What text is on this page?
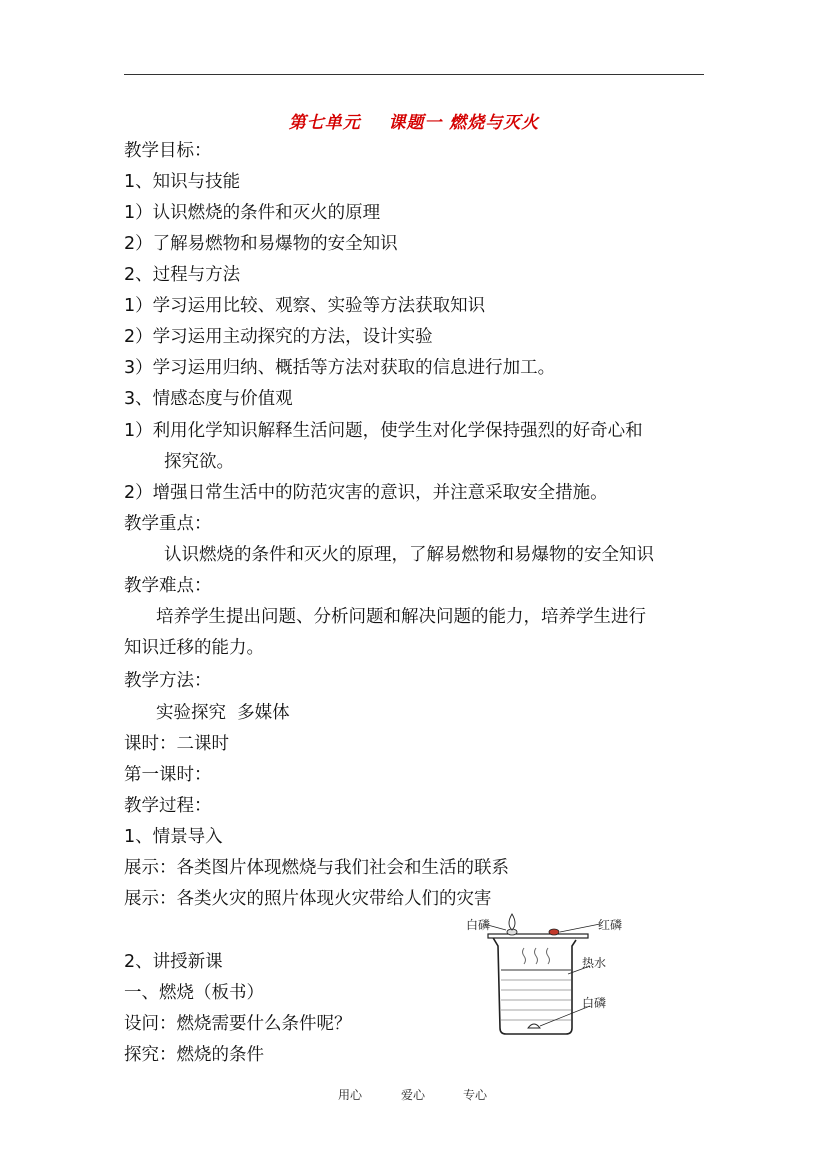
第七单元    课题一 燃烧与灭火
教学目标：
1、知识与技能
1）认识燃烧的条件和灭火的原理
2）了解易燃物和易爆物的安全知识
2、过程与方法
1）学习运用比较、观察、实验等方法获取知识
2）学习运用主动探究的方法，设计实验
3）学习运用归纳、概括等方法对获取的信息进行加工。
3、情感态度与价值观
1）利用化学知识解释生活问题，使学生对化学保持强烈的好奇心和
探究欲。
2）增强日常生活中的防范灾害的意识，并注意采取安全措施。
教学重点：
认识燃烧的条件和灭火的原理，了解易燃物和易爆物的安全知识
教学难点：
培养学生提出问题、分析问题和解决问题的能力，培养学生进行
知识迁移的能力。
教学方法：
实验探究  多媒体
课时：二课时
第一课时：
教学过程：
1、情景导入
展示：各类图片体现燃烧与我们社会和生活的联系
展示：各类火灾的照片体现火灾带给人们的灾害
2、讲授新课
一、燃烧（板书）
设问：燃烧需要什么条件呢？
探究：燃烧的条件
白磷	红磷
热水
白磷
用心	爱心	专心
